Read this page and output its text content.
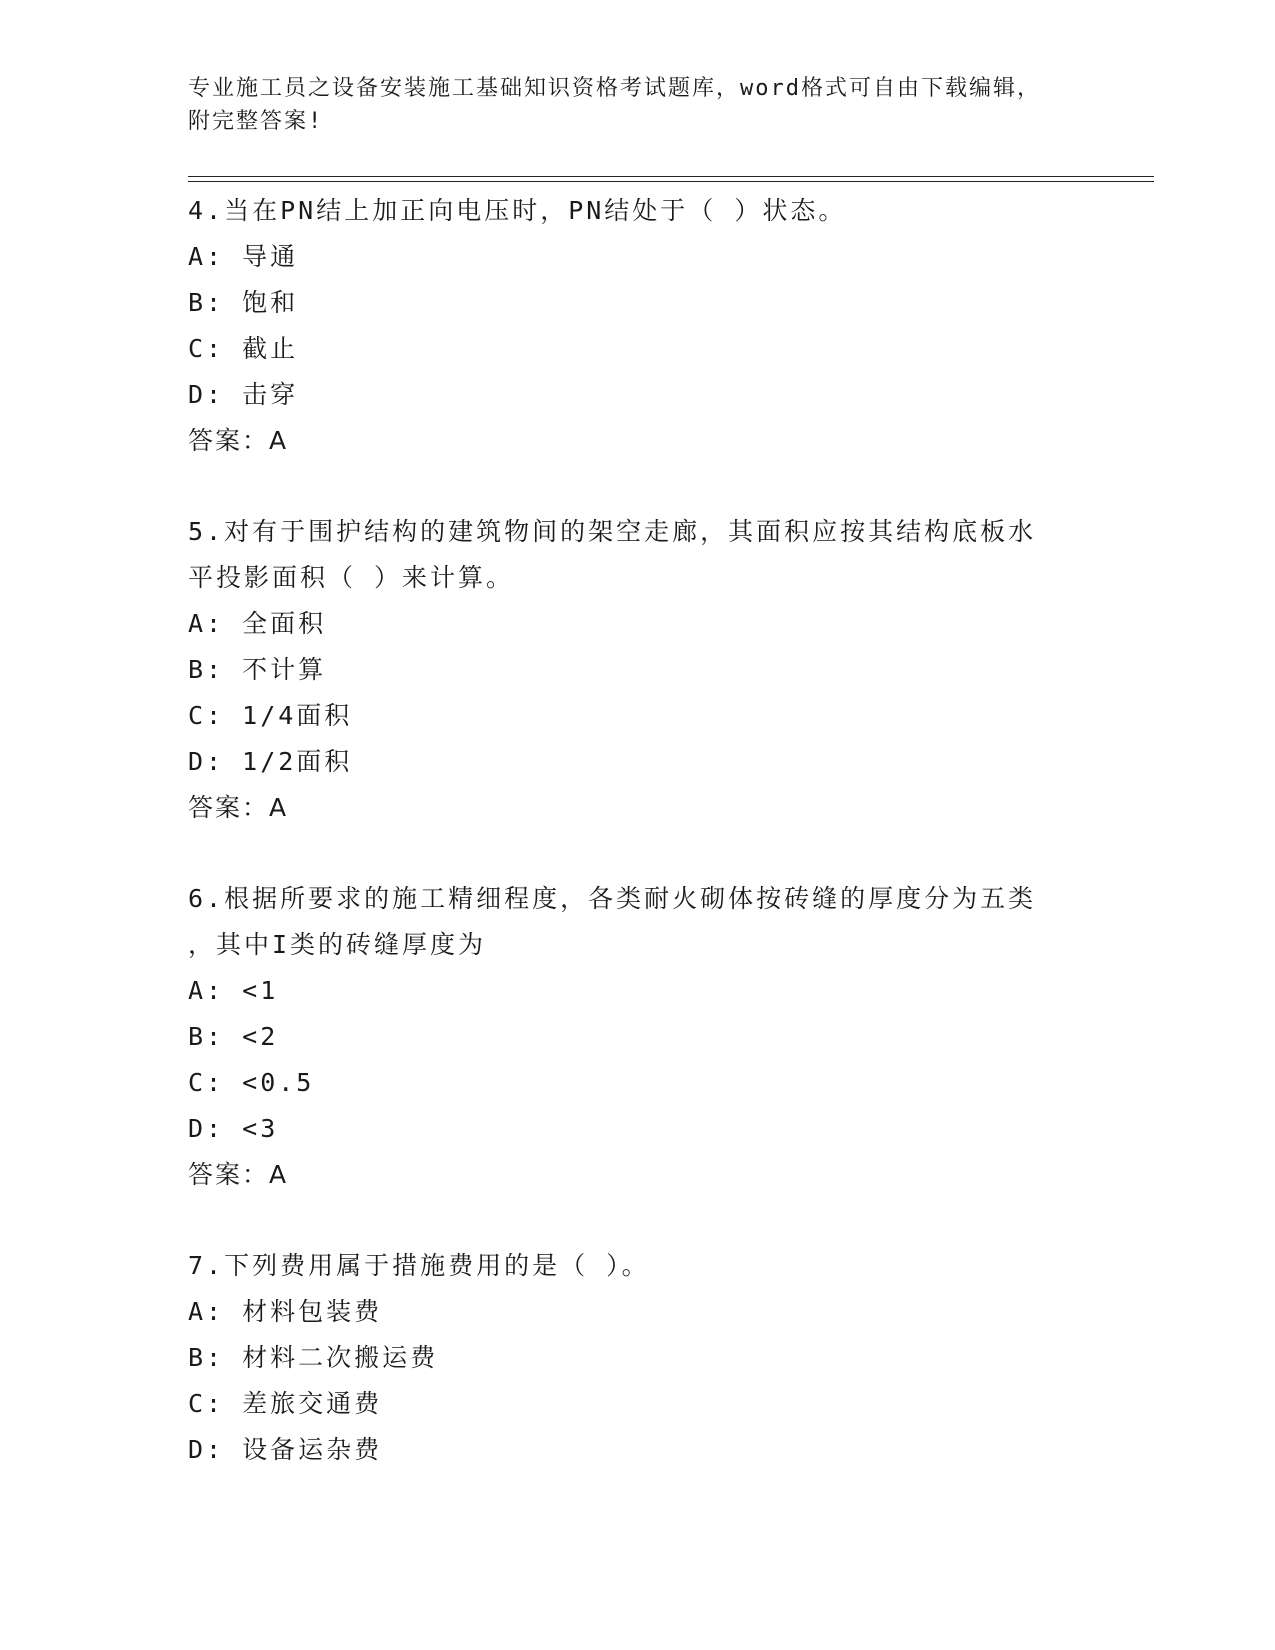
专业施工员之设备安装施工基础知识资格考试题库，word格式可自由下载编辑，
附完整答案!

4.当在PN结上加正向电压时，PN结处于（ ）状态。

A: 导通

B: 饱和

C: 截止

D: 击穿

答案：A

5.对有于围护结构的建筑物间的架空走廊，其面积应按其结构底板水

平投影面积（ ）来计算。

A: 全面积

B: 不计算

C: 1/4面积

D: 1/2面积

答案：A

6.根据所要求的施工精细程度，各类耐火砌体按砖缝的厚度分为五类

，其中I类的砖缝厚度为

A: <1

B: <2

C: <0.5

D: <3

答案：A

7.下列费用属于措施费用的是（ ）。

A: 材料包装费

B: 材料二次搬运费

C: 差旅交通费

D: 设备运杂费
